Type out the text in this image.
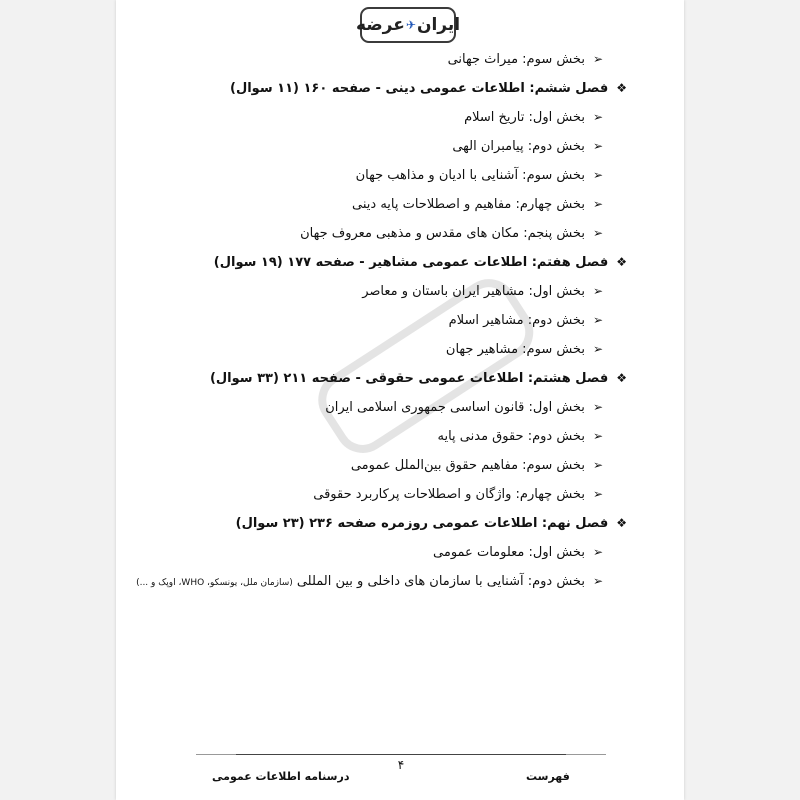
ایران
✈
عرضه
➢بخش سوم: میراث جهانی
❖فصل ششم: اطلاعات عمومی دینی - صفحه ۱۶۰ (۱۱ سوال)
➢بخش اول: تاریخ اسلام
➢بخش دوم: پیامبران الهی
➢بخش سوم: آشنایی با ادیان و مذاهب جهان
➢بخش چهارم: مفاهیم و اصطلاحات پایه دینی
➢بخش پنجم: مکان های مقدس و مذهبی معروف جهان
❖فصل هفتم: اطلاعات عمومی مشاهیر - صفحه ۱۷۷ (۱۹ سوال)
➢بخش اول: مشاهیر ایران باستان و معاصر
➢بخش دوم: مشاهیر اسلام
➢بخش سوم: مشاهیر جهان
❖فصل هشتم: اطلاعات عمومی حقوقی - صفحه ۲۱۱ (۳۳ سوال)
➢بخش اول: قانون اساسی جمهوری اسلامی ایران
➢بخش دوم: حقوق مدنی پایه
➢بخش سوم: مفاهیم حقوق بین‌الملل عمومی
➢بخش چهارم: واژگان و اصطلاحات پرکاربرد حقوقی
❖فصل نهم: اطلاعات عمومی روزمره صفحه ۲۳۶ (۲۳ سوال)
➢بخش اول: معلومات عمومی
➢بخش دوم: آشنایی با سازمان های داخلی و بین المللی(سازمان ملل، یونسکو، WHO، اوپک و ...)
۴
درسنامه اطلاعات عمومی	فهرست
